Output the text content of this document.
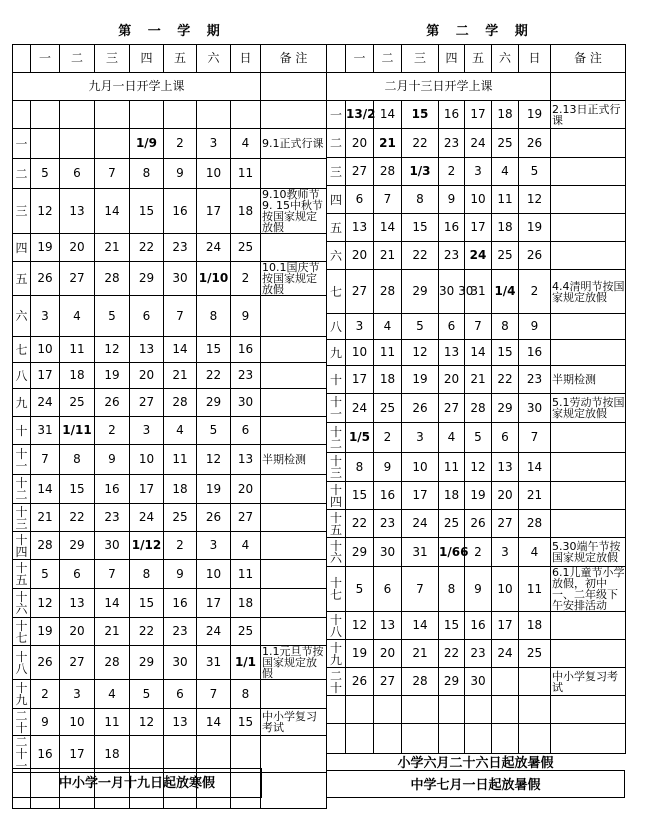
第 一 学 期	第 二 学 期
	一	二	三	四	五	六	日	备 注
九月一日开学上课								

一				1/9	2	3	4	9.1正式行课
二	5	6	7	8	9	10	11	
三	12	13	14	15	16	17	18	9.10教师节9. 15中秋节按国家规定放假
四	19	20	21	22	23	24	25	
五	26	27	28	29	30	1/10	2	10.1国庆节按国家规定放假
六	3	4	5	6	7	8	9	
七	10	11	12	13	14	15	16	
八	17	18	19	20	21	22	23	
九	24	25	26	27	28	29	30	
十	31	1/11	2	3	4	5	6	
十一	7	8	9	10	11	12	13	半期检测
十二	14	15	16	17	18	19	20	
十三	21	22	23	24	25	26	27	
十四	28	29	30	1/12	2	3	4	
十五	5	6	7	8	9	10	11	
十六	12	13	14	15	16	17	18	
十七	19	20	21	22	23	24	25	
十八	26	27	28	29	30	31	1/1	1.1元旦节按国家规定放假
十九	2	3	4	5	6	7	8	
二十	9	10	11	12	13	14	15	中小学复习考试
二十一	16	17	18					

	一	二	三	四	五	六	日	备 注
二月十三日开学上课								
一	13/2	14	15	16	17	18	19	2.13日正式行课
二	20	21	22	23	24	25	26	
三	27	28	1/3	2	3	4	5	
四	6	7	8	9	10	11	12	
五	13	14	15	16	17	18	19	
六	20	21	22	23	24	25	26	
七	27	28	29	30 30	31	1/4	2	4.4清明节按国家规定放假
八	3	4	5	6	7	8	9	
九	10	11	12	13	14	15	16	
十	17	18	19	20	21	22	23	半期检测
十一	24	25	26	27	28	29	30	5.1劳动节按国家规定放假
十二	1/5	2	3	4	5	6	7	
十三	8	9	10	11	12	13	14	
十四	15	16	17	18	19	20	21	
十五	22	23	24	25	26	27	28	
十六	29	30	31	1/66	2	3	4	5.30端午节按国家规定放假
十七	5	6	7	8	9	10	11	6.1儿童节小学放假，初中一、二年级下午安排活动
十八	12	13	14	15	16	17	18	
十九	19	20	21	22	23	24	25	
二十	26	27	28	29	30			中小学复习考试

中小学一月十九日起放寒假
小学六月二十六日起放暑假
中学七月一日起放暑假
